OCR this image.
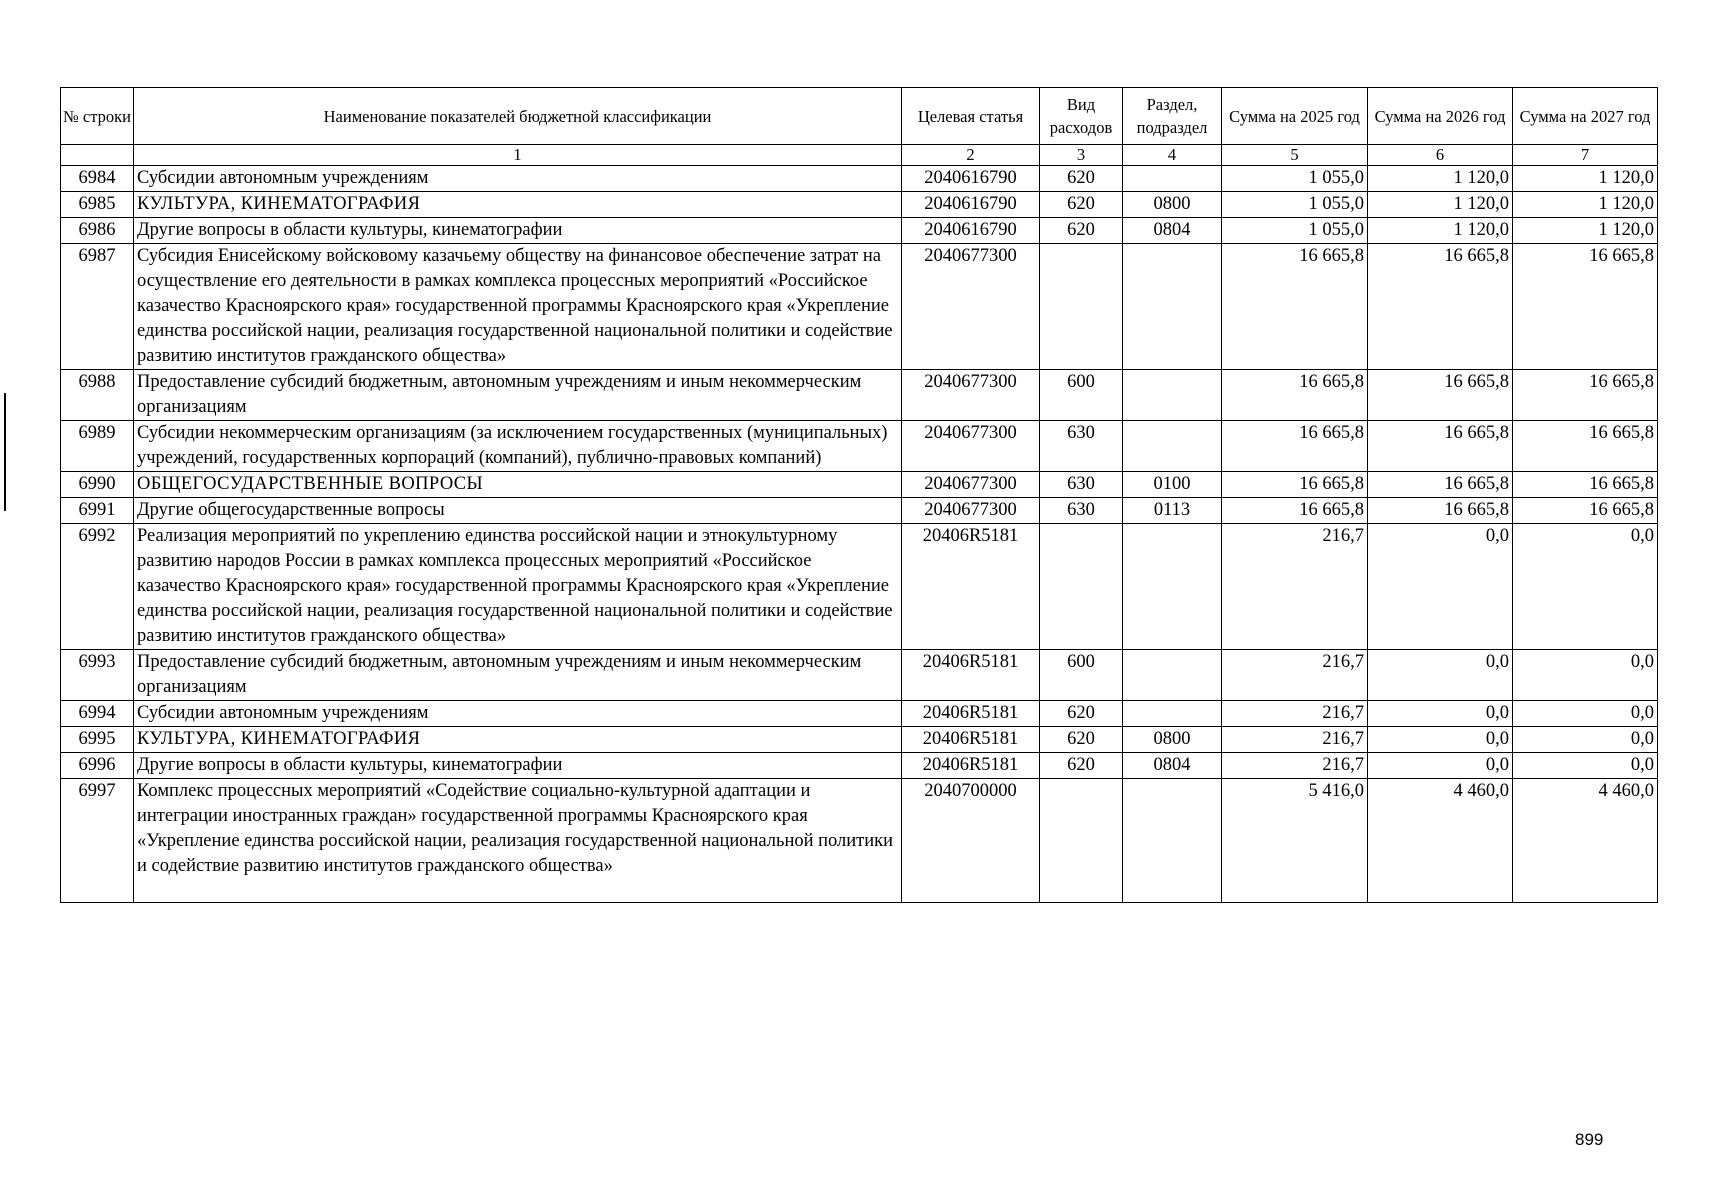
№ строки	Наименование показателей бюджетной классификации	Целевая статья	Вид расходов	Раздел, подраздел	Сумма на 2025 год	Сумма на 2026 год	Сумма на 2027 год
	1	2	3	4	5	6	7
6984	Субсидии автономным учреждениям	2040616790	620		1 055,0	1 120,0	1 120,0
6985	КУЛЬТУРА, КИНЕМАТОГРАФИЯ	2040616790	620	0800	1 055,0	1 120,0	1 120,0
6986	Другие вопросы в области культуры, кинематографии	2040616790	620	0804	1 055,0	1 120,0	1 120,0
6987	Субсидия Енисейскому войсковому казачьему обществу на финансовое обеспечение затрат на осуществление его деятельности в рамках комплекса процессных мероприятий «Российское казачество Красноярского края» государственной программы Красноярского края «Укрепление единства российской нации, реализация государственной национальной политики и содействие развитию институтов гражданского общества»	2040677300			16 665,8	16 665,8	16 665,8
6988	Предоставление субсидий бюджетным, автономным учреждениям и иным некоммерческим организациям	2040677300	600		16 665,8	16 665,8	16 665,8
6989	Субсидии некоммерческим организациям (за исключением государственных (муниципальных) учреждений, государственных корпораций (компаний), публично-правовых компаний)	2040677300	630		16 665,8	16 665,8	16 665,8
6990	ОБЩЕГОСУДАРСТВЕННЫЕ ВОПРОСЫ	2040677300	630	0100	16 665,8	16 665,8	16 665,8
6991	Другие общегосударственные вопросы	2040677300	630	0113	16 665,8	16 665,8	16 665,8
6992	Реализация мероприятий по укреплению единства российской нации и этнокультурному развитию народов России в рамках комплекса процессных мероприятий «Российское казачество Красноярского края» государственной программы Красноярского края «Укрепление единства российской нации, реализация государственной национальной политики и содействие развитию институтов гражданского общества»	20406R5181			216,7	0,0	0,0
6993	Предоставление субсидий бюджетным, автономным учреждениям и иным некоммерческим организациям	20406R5181	600		216,7	0,0	0,0
6994	Субсидии автономным учреждениям	20406R5181	620		216,7	0,0	0,0
6995	КУЛЬТУРА, КИНЕМАТОГРАФИЯ	20406R5181	620	0800	216,7	0,0	0,0
6996	Другие вопросы в области культуры, кинематографии	20406R5181	620	0804	216,7	0,0	0,0
6997	Комплекс процессных мероприятий «Содействие социально-культурной адаптации и интеграции иностранных граждан» государственной программы Красноярского края «Укрепление единства российской нации, реализация государственной национальной политики и содействие развитию институтов гражданского общества»	2040700000			5 416,0	4 460,0	4 460,0
899
